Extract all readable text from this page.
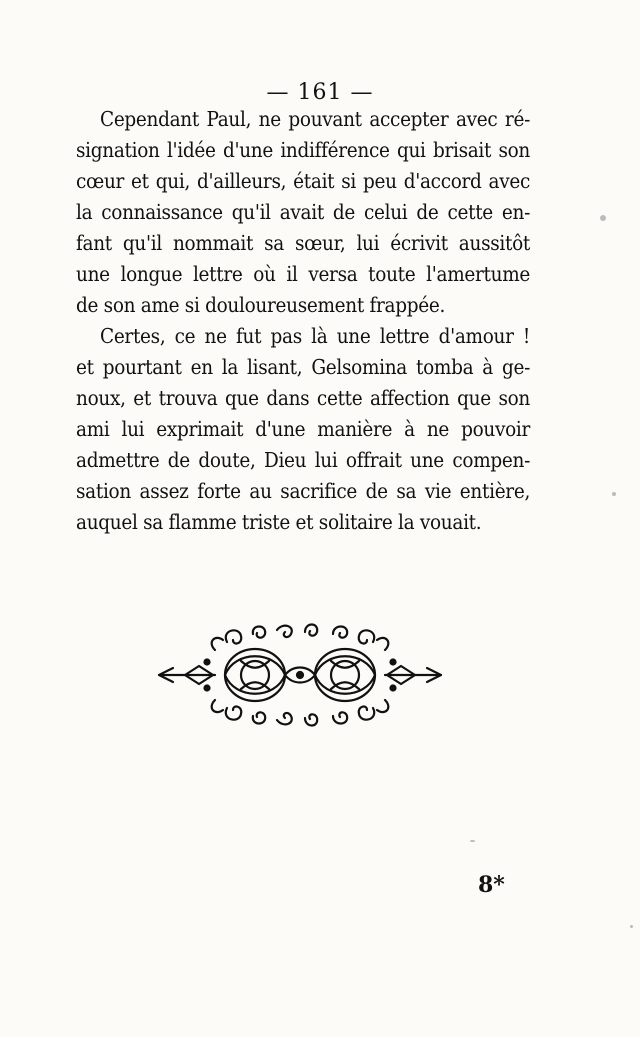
— 161 —
Cependant Paul, ne pouvant accepter avec ré-
signation l'idée d'une indifférence qui brisait son
cœur et qui, d'ailleurs, était si peu d'accord avec
la connaissance qu'il avait de celui de cette en-
fant qu'il nommait sa sœur, lui écrivit aussitôt
une longue lettre où il versa toute l'amertume
de son ame si douloureusement frappée.
Certes, ce ne fut pas là une lettre d'amour !
et pourtant en la lisant, Gelsomina tomba à ge-
noux, et trouva que dans cette affection que son
ami lui exprimait d'une manière à ne pouvoir
admettre de doute, Dieu lui offrait une compen-
sation assez forte au sacrifice de sa vie entière,
auquel sa flamme triste et solitaire la vouait.
8*
